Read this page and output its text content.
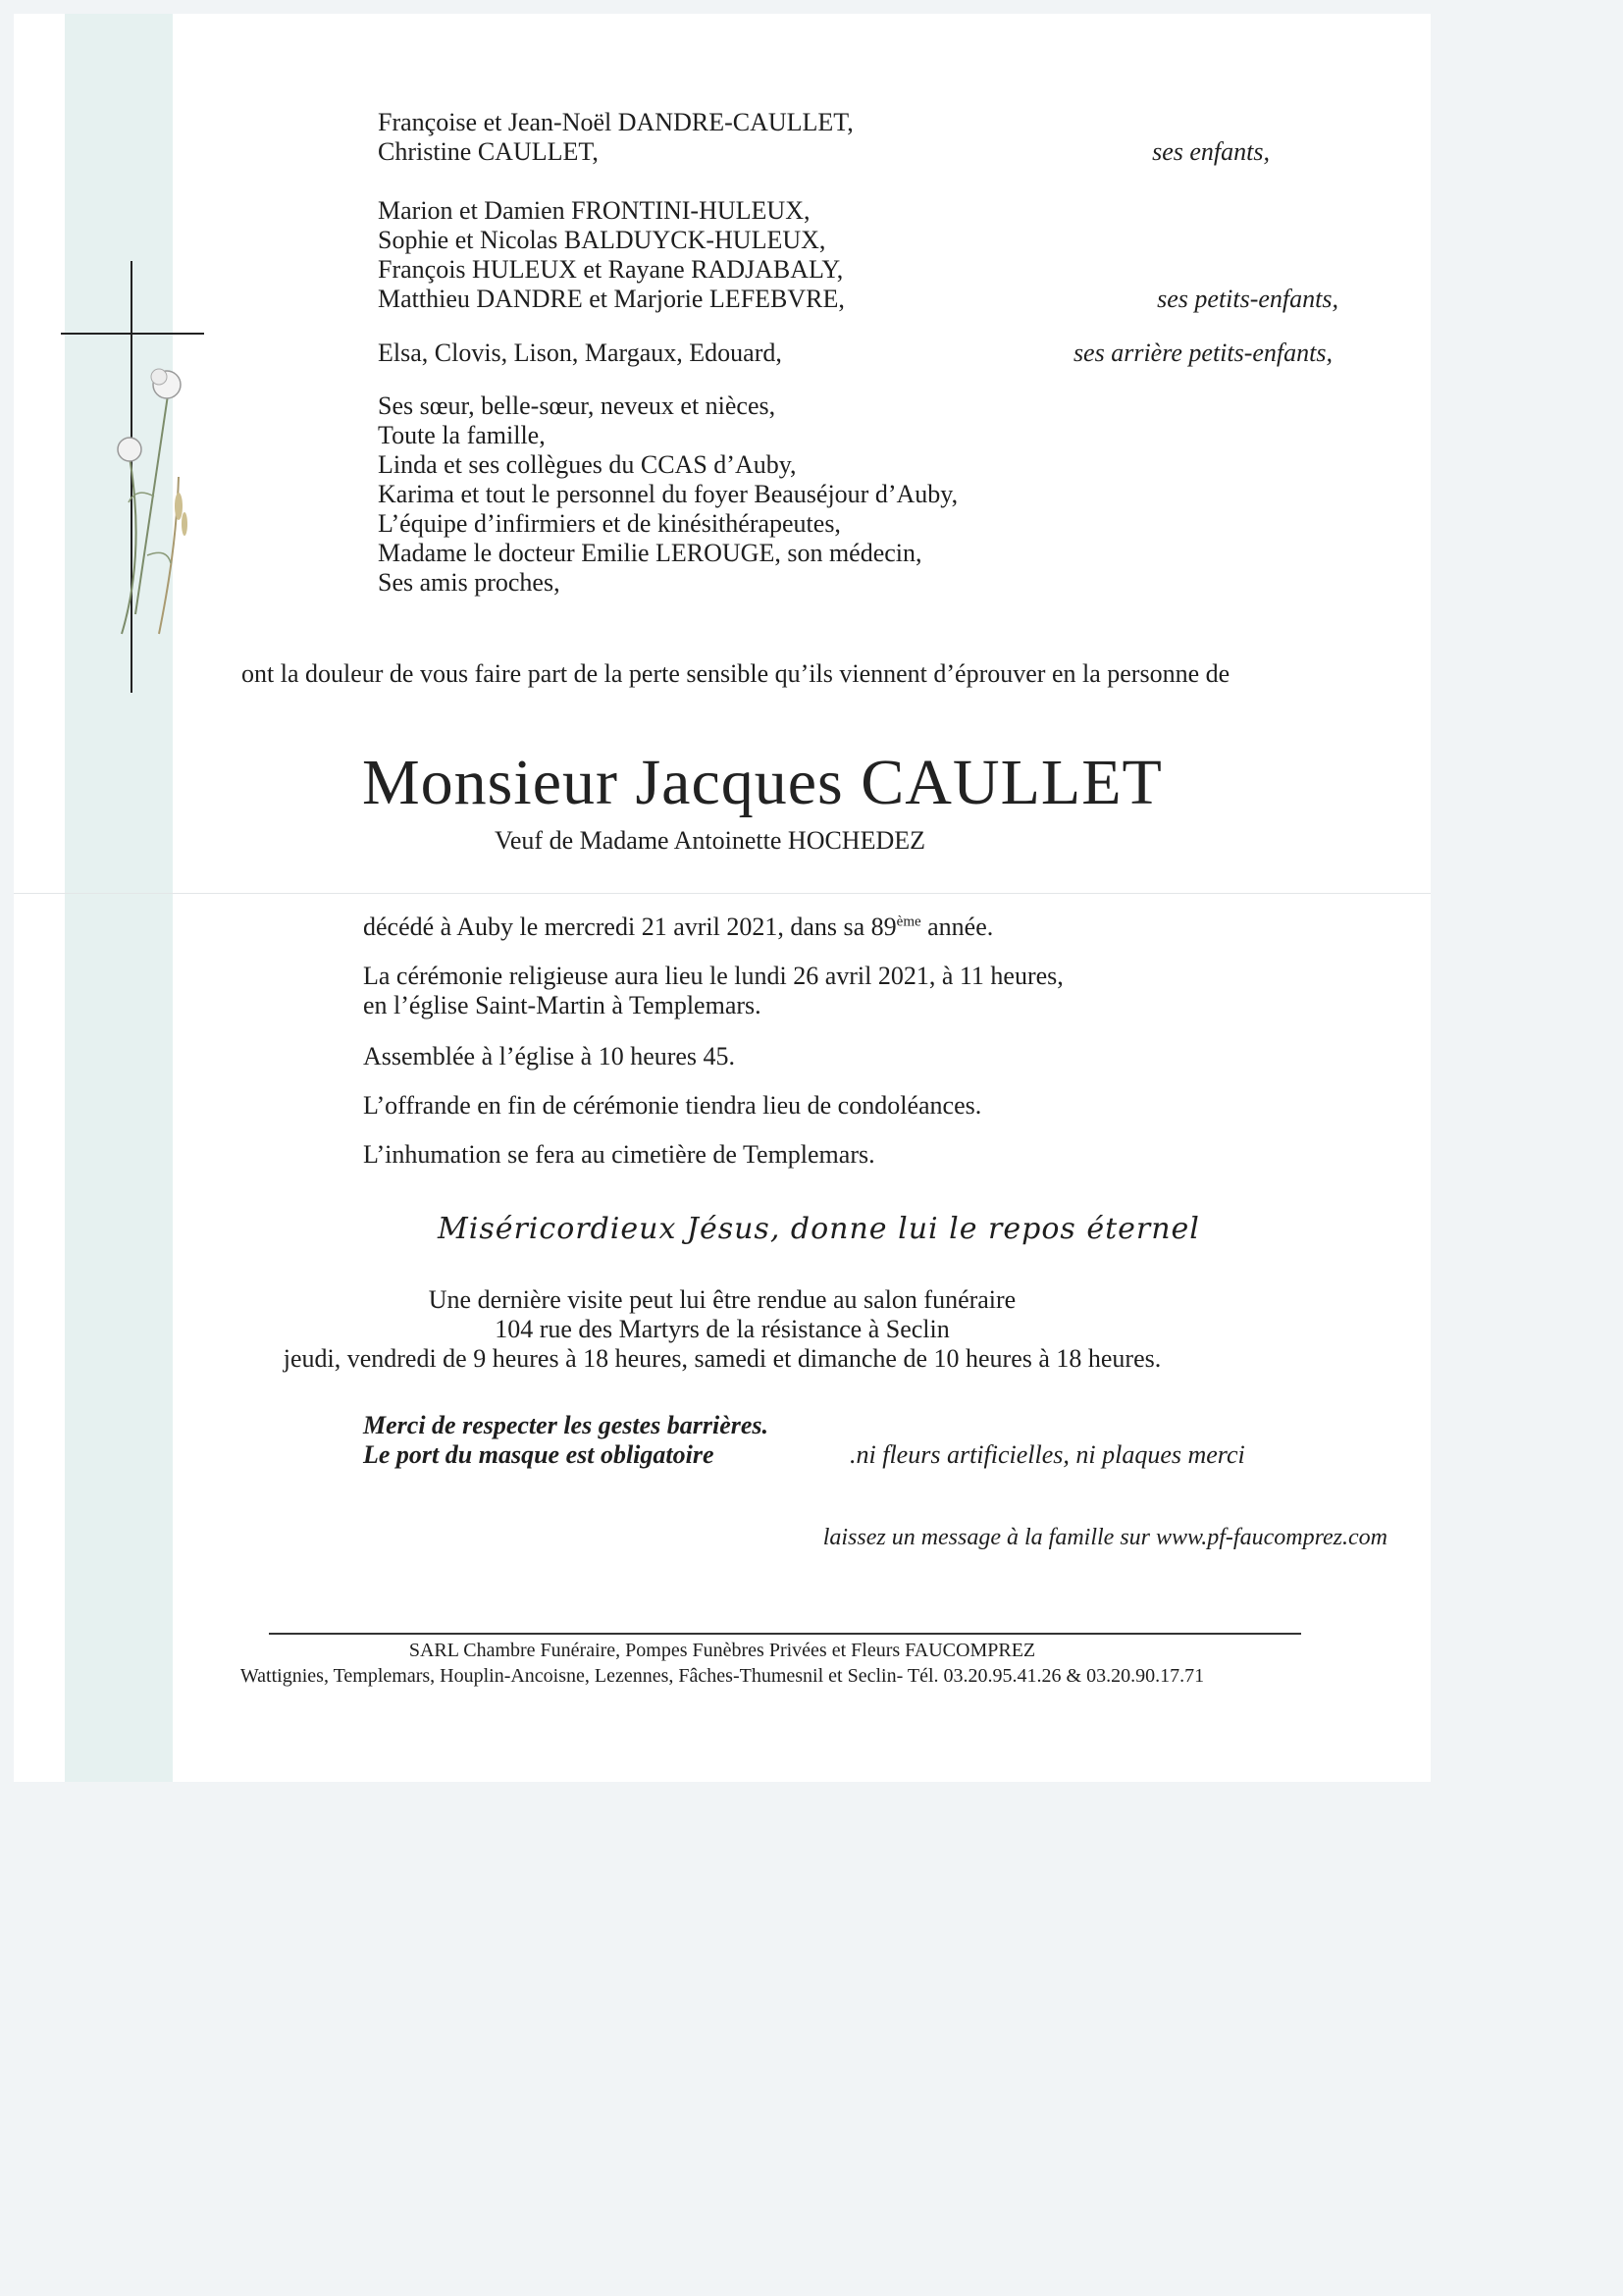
Françoise et Jean-Noël DANDRE-CAULLET,
Christine CAULLET,
Marion et Damien FRONTINI-HULEUX,
Sophie et Nicolas BALDUYCK-HULEUX,
François HULEUX et Rayane RADJABALY,
Matthieu DANDRE et Marjorie LEFEBVRE,
Elsa, Clovis, Lison, Margaux, Edouard,
Ses sœur, belle-sœur, neveux et nièces,
Toute la famille,
Linda et ses collègues du CCAS d’Auby,
Karima et tout le personnel du foyer Beauséjour d’Auby,
L’équipe d’infirmiers et de kinésithérapeutes,
Madame le docteur Emilie LEROUGE, son médecin,
Ses amis proches,
ses enfants,
ses petits-enfants,
ses arrière petits-enfants,
ont la douleur de vous faire part de la perte sensible qu’ils viennent d’éprouver en la personne de
Monsieur Jacques CAULLET
Veuf de Madame Antoinette HOCHEDEZ
décédé à Auby le mercredi 21 avril 2021, dans sa 89ème année.
La cérémonie religieuse aura lieu le lundi 26 avril 2021, à 11 heures,
en l’église Saint-Martin à Templemars.
Assemblée à l’église à 10 heures 45.
L’offrande en fin de cérémonie tiendra lieu de condoléances.
L’inhumation se fera au cimetière de Templemars.
Miséricordieux Jésus, donne lui le repos éternel
Une dernière visite peut lui être rendue au salon funéraire
104 rue des Martyrs de la résistance à Seclin
jeudi, vendredi de 9 heures à 18 heures, samedi et dimanche de 10 heures à 18 heures.
Merci de respecter les gestes barrières.
Le port du masque est obligatoire	.ni fleurs artificielles, ni plaques merci
laissez un message à la famille sur www.pf-faucomprez.com
SARL Chambre Funéraire, Pompes Funèbres Privées et Fleurs FAUCOMPREZ
Wattignies, Templemars, Houplin-Ancoisne, Lezennes, Fâches-Thumesnil et Seclin- Tél. 03.20.95.41.26 & 03.20.90.17.71
